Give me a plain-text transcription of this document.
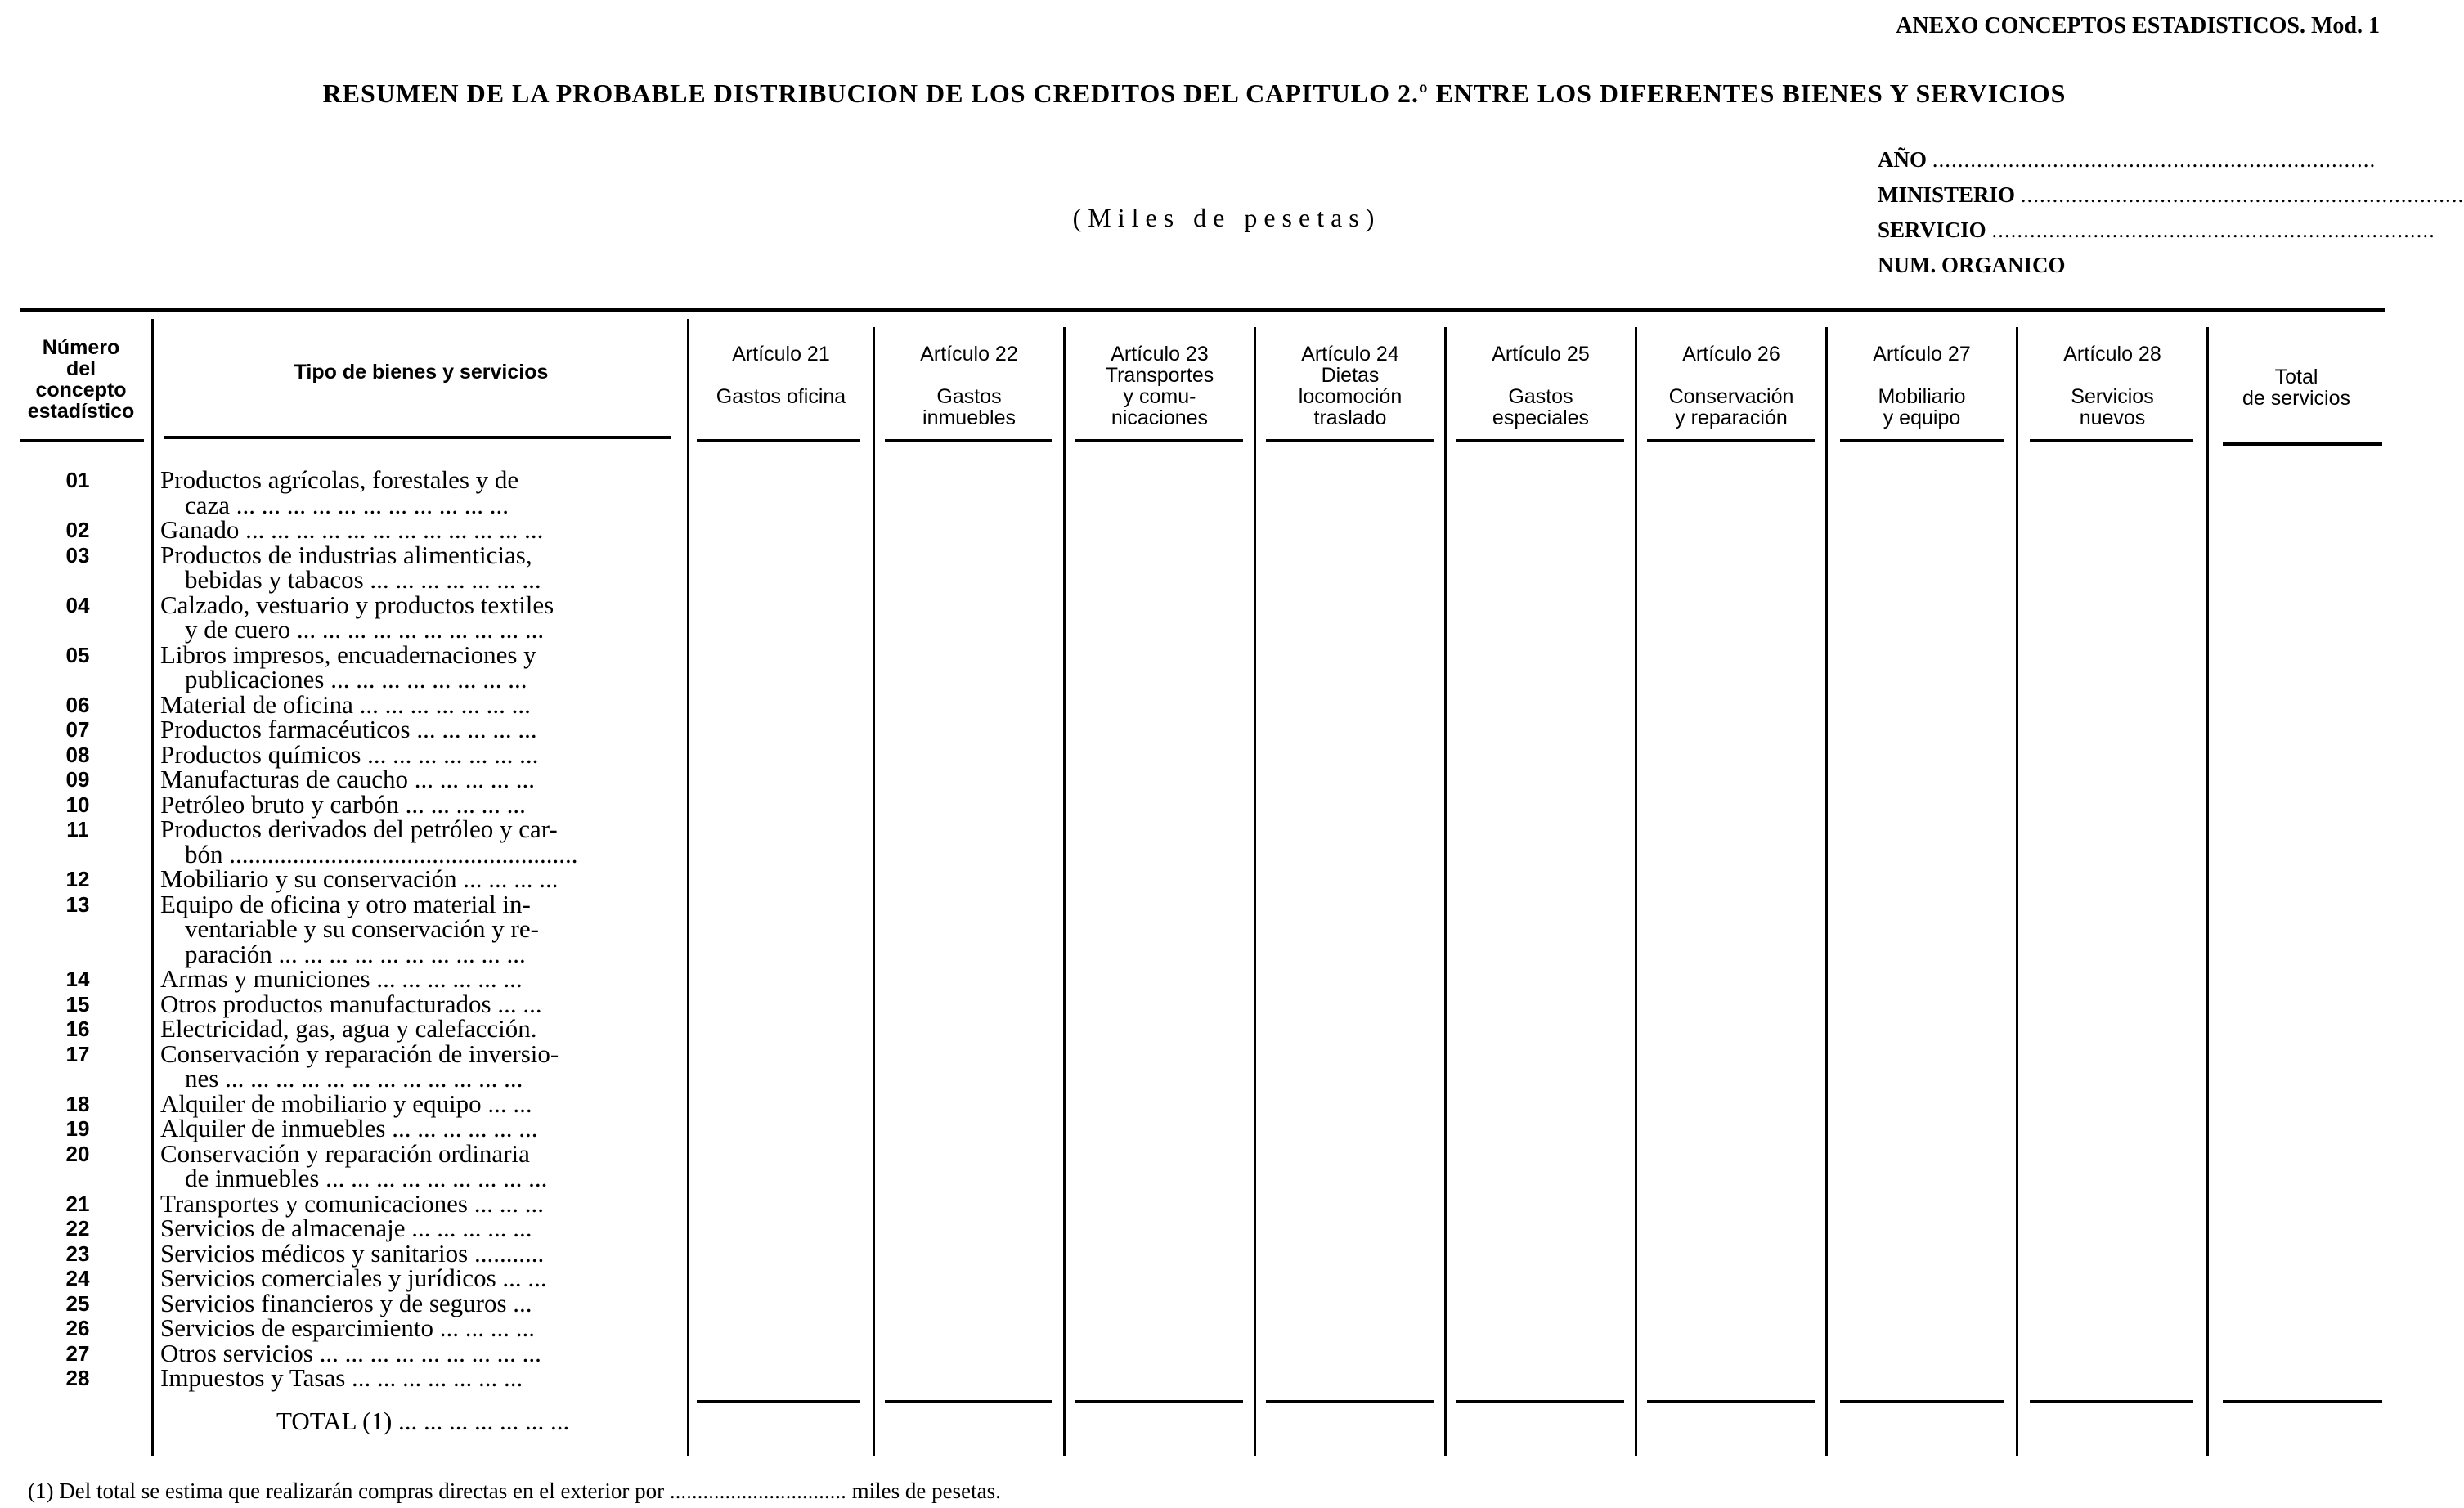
ANEXO CONCEPTOS ESTADISTICOS. Mod. 1
RESUMEN DE LA PROBABLE DISTRIBUCION DE LOS CREDITOS DEL CAPITULO 2.º ENTRE LOS DIFERENTES BIENES Y SERVICIOS
(Miles de pesetas)
AÑO ......................................................................
MINISTERIO ......................................................................
SERVICIO ......................................................................
NUM. ORGANICO
Número
del
concepto
estadístico
Tipo de bienes y servicios
Artículo 21
Gastos oficina
Artículo 22
Gastos
inmuebles
Artículo 23
Transportes
y comu-
nicaciones
Artículo 24
Dietas
locomoción
traslado
Artículo 25
Gastos
especiales
Artículo 26
Conservación
y reparación
Artículo 27
Mobiliario
y equipo
Artículo 28
Servicios
nuevos
Total
de servicios
01
02
03
04
05
06
07
08
09
10
11
12
13
14
15
16
17
18
19
20
21
22
23
24
25
26
27
28
Productos agrícolas, forestales y de
caza ... ... ... ... ... ... ... ... ... ... ...
Ganado ... ... ... ... ... ... ... ... ... ... ... ...
Productos de industrias alimenticias,
bebidas y tabacos ... ... ... ... ... ... ...
Calzado, vestuario y productos textiles
y de cuero ... ... ... ... ... ... ... ... ... ...
Libros impresos, encuadernaciones y
publicaciones ... ... ... ... ... ... ... ...
Material de oficina ... ... ... ... ... ... ...
Productos farmacéuticos ... ... ... ... ...
Productos químicos ... ... ... ... ... ... ...
Manufacturas de caucho ... ... ... ... ...
Petróleo bruto y carbón ... ... ... ... ...
Productos derivados del petróleo y car-
bón .......................................................
Mobiliario y su conservación ... ... ... ...
Equipo de oficina y otro material in-
ventariable y su conservación y re-
paración ... ... ... ... ... ... ... ... ... ...
Armas y municiones ... ... ... ... ... ...
Otros productos manufacturados ... ...
Electricidad, gas, agua y calefacción.
Conservación y reparación de inversio-
nes ... ... ... ... ... ... ... ... ... ... ... ...
Alquiler de mobiliario y equipo ... ...
Alquiler de inmuebles ... ... ... ... ... ...
Conservación y reparación ordinaria
de inmuebles ... ... ... ... ... ... ... ... ...
Transportes y comunicaciones ... ... ...
Servicios de almacenaje ... ... ... ... ...
Servicios médicos y sanitarios ...........
Servicios comerciales y jurídicos ... ...
Servicios financieros y de seguros ...
Servicios de esparcimiento ... ... ... ...
Otros servicios ... ... ... ... ... ... ... ... ...
Impuestos y Tasas ... ... ... ... ... ... ...
TOTAL (1) ... ... ... ... ... ... ...
(1) Del total se estima que realizarán compras directas en el exterior por ................................ miles de pesetas.
